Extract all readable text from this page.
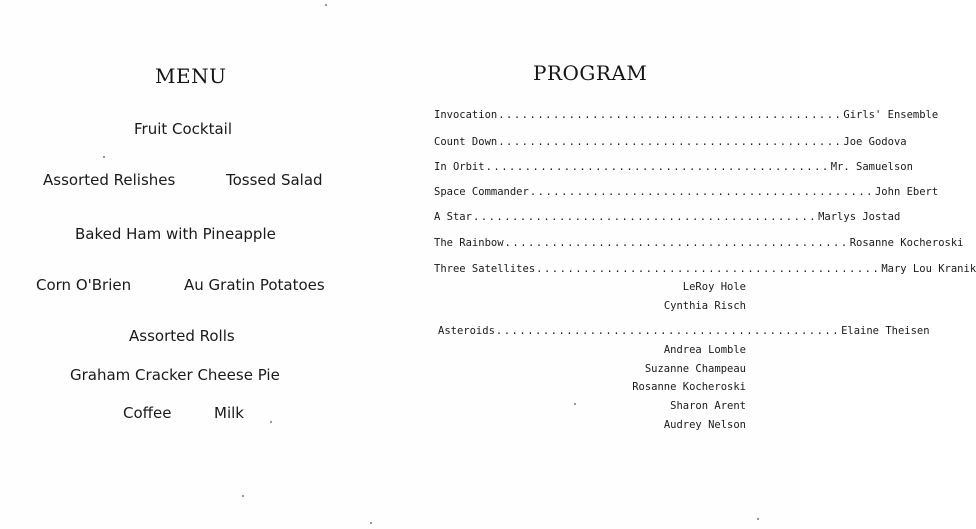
MENU
Fruit Cocktail
Assorted Relishes	Tossed Salad
Baked Ham with Pineapple
Corn O'Brien	Au Gratin Potatoes
Assorted Rolls
Graham Cracker Cheese Pie
Coffee	Milk
PROGRAM
Invocation ............................................ Girls' Ensemble
Count Down ............................................ Joe Godova
In Orbit ............................................ Mr. Samuelson
Space Commander ............................................ John Ebert
A Star ............................................ Marlys Jostad
The Rainbow ............................................ Rosanne Kocheroski
Three Satellites ............................................ Mary Lou Kranik
LeRoy Hole
Cynthia Risch
Asteroids ............................................ Elaine Theisen
Andrea Lomble
Suzanne Champeau
Rosanne Kocheroski
Sharon Arent
Audrey Nelson
